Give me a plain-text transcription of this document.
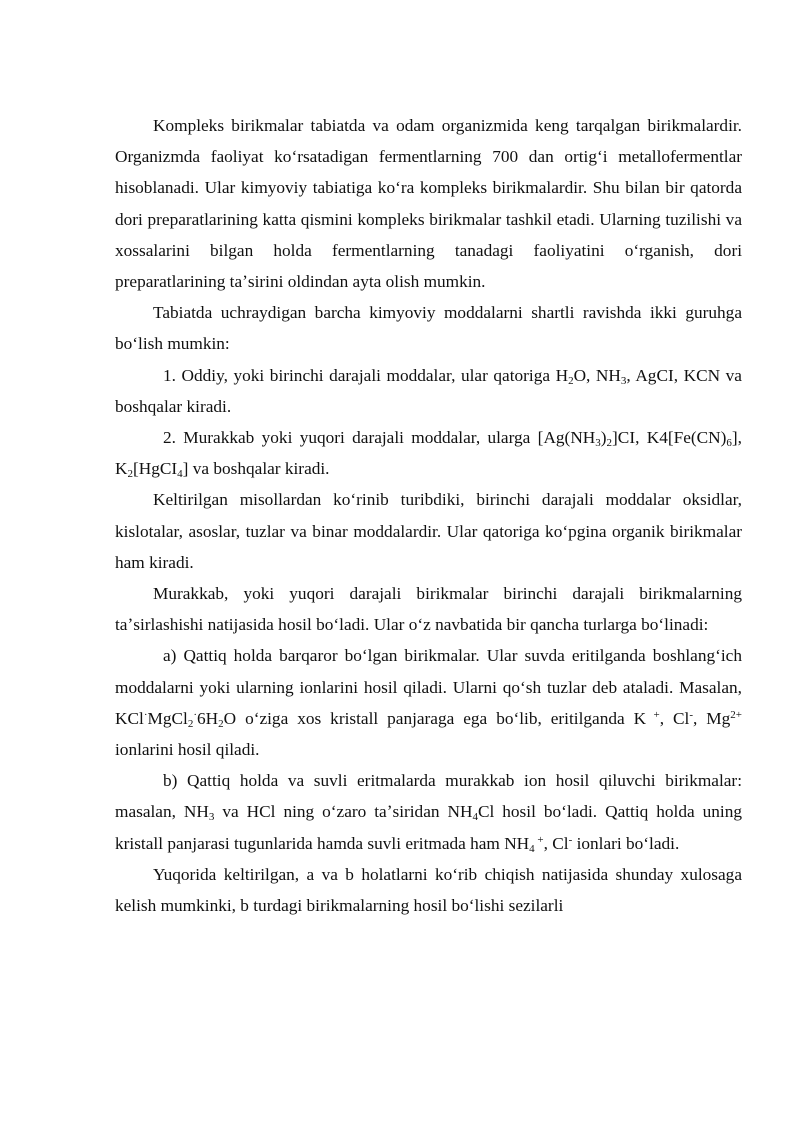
Kompleks birikmalar tabiatda va odam organizmida keng tarqalgan birikmalardir. Organizmda faoliyat koʻrsatadigan fermentlarning 700 dan ortigʻi metallofermentlar hisoblanadi. Ular kimyoviy tabiatiga koʻra kompleks birikmalardir. Shu bilan bir qatorda dori preparatlarining katta qismini kompleks birikmalar tashkil etadi. Ularning tuzilishi va xossalarini bilgan holda fermentlarning tanadagi faoliyatini oʻrganish, dori preparatlarining taʼsirini oldindan ayta olish mumkin.

Tabiatda uchraydigan barcha kimyoviy moddalarni shartli ravishda ikki guruhga boʻlish mumkin:

1. Oddiy, yoki birinchi darajali moddalar, ular qatoriga $H_2O$, $NH_3$, AgCI, KCN va boshqalar kiradi.

2. Murakkab yoki yuqori darajali moddalar, ularga $[Ag(NH_3)_2]CI$, $K4[Fe(CN)_6]$, $K_2[HgCI_4]$ va boshqalar kiradi.

Keltirilgan misollardan koʻrinib turibdiki, birinchi darajali moddalar oksidlar, kislotalar, asoslar, tuzlar va binar moddalardir. Ular qatoriga koʻpgina organik birikmalar ham kiradi.

Murakkab, yoki yuqori darajali birikmalar birinchi darajali birikmalarning taʼsirlashishi natijasida hosil boʻladi. Ular oʻz navbatida bir qancha turlarga boʻlinadi:

a) Qattiq holda barqaror boʻlgan birikmalar. Ular suvda eritilganda boshlangʻich moddalarni yoki ularning ionlarini hosil qiladi. Ularni qoʻsh tuzlar deb ataladi. Masalan, $KCl^\cdot MgCl_2^\cdot 6H_2O$ oʻziga xos kristall panjaraga ega boʻlib, eritilganda K +, Cl-, $Mg^{2+}$ ionlarini hosil qiladi.

b) Qattiq holda va suvli eritmalarda murakkab ion hosil qiluvchi birikmalar: masalan, $NH_3$ va HCl ning oʻzaro taʼsiridan $NH_4Cl$ hosil boʻladi. Qattiq holda uning kristall panjarasi tugunlarida hamda suvli eritmada ham $NH_4$ +, Cl- ionlari boʻladi.

Yuqorida keltirilgan, a va b holatlarni koʻrib chiqish natijasida shunday xulosaga kelish mumkinki, b turdagi birikmalarning hosil boʻlishi sezilarli
